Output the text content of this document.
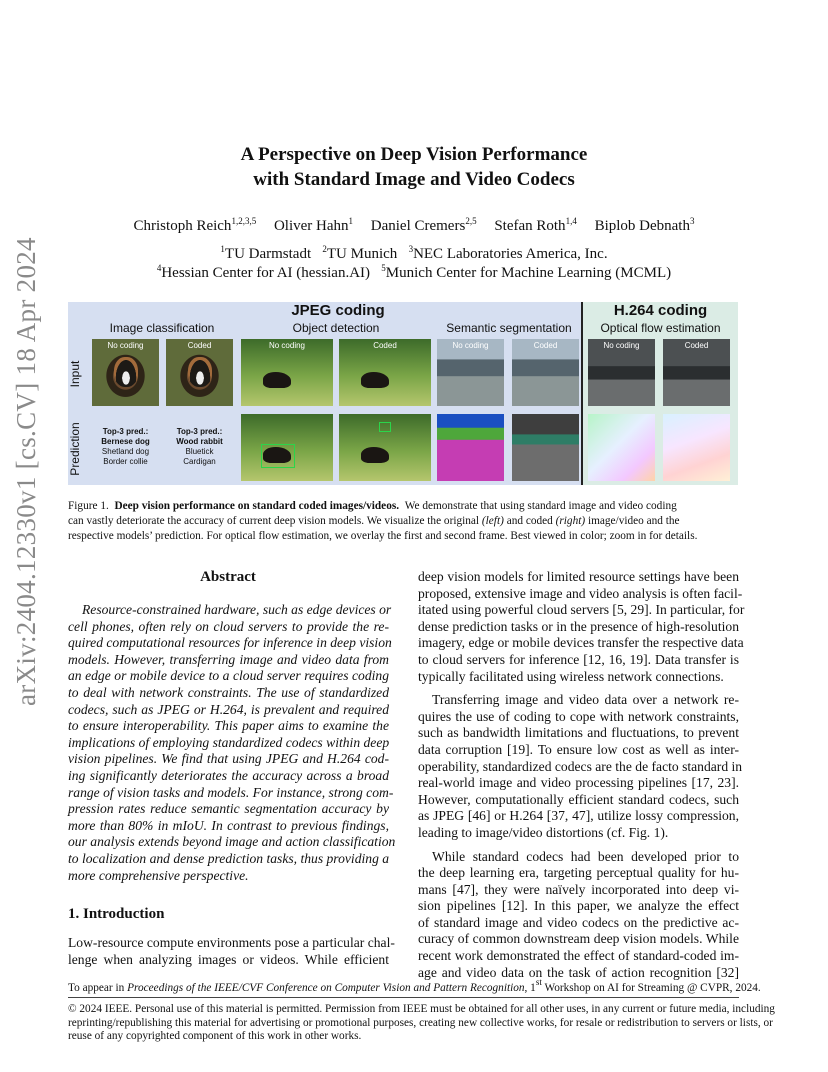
arXiv:2404.12330v1 [cs.CV] 18 Apr 2024
A Perspective on Deep Vision Performance
with Standard Image and Video Codecs
Christoph Reich$^{1,2,3,5}$ Oliver Hahn$^1$ Daniel Cremers$^{2,5}$ Stefan Roth$^{1,4}$ Biplob Debnath$^3$
$^1$TU Darmstadt $^2$TU Munich $^3$NEC Laboratories America, Inc.
$^4$Hessian Center for AI (hessian.AI) $^5$Munich Center for Machine Learning (MCML)
JPEG coding	H.264 coding
Image classification	Object detection	Semantic segmentation	Optical flow estimation
Input
Prediction
No coding	Coded	No coding	Coded	No coding	Coded	No coding	Coded
Top-3 pred.:
Bernese dog
Shetland dog
Border collie
Top-3 pred.:
Wood rabbit
Bluetick
Cardigan
Figure 1. Deep vision performance on standard coded images/videos. We demonstrate that using standard image and video coding
can vastly deteriorate the accuracy of current deep vision models. We visualize the original (left) and coded (right) image/video and the
respective models’ prediction. For optical flow estimation, we overlay the first and second frame. Best viewed in color; zoom in for details.
Abstract
Resource-constrained hardware, such as edge devices or
cell phones, often rely on cloud servers to provide the re-
quired computational resources for inference in deep vision
models. However, transferring image and video data from
an edge or mobile device to a cloud server requires coding
to deal with network constraints. The use of standardized
codecs, such as JPEG or H.264, is prevalent and required
to ensure interoperability. This paper aims to examine the
implications of employing standardized codecs within deep
vision pipelines. We find that using JPEG and H.264 cod-
ing significantly deteriorates the accuracy across a broad
range of vision tasks and models. For instance, strong com-
pression rates reduce semantic segmentation accuracy by
more than 80% in mIoU. In contrast to previous findings,
our analysis extends beyond image and action classification
to localization and dense prediction tasks, thus providing a
more comprehensive perspective.
1. Introduction
Low-resource compute environments pose a particular chal-
lenge when analyzing images or videos. While efficient
deep vision models for limited resource settings have been
proposed, extensive image and video analysis is often facil-
itated using powerful cloud servers [5, 29]. In particular, for
dense prediction tasks or in the presence of high-resolution
imagery, edge or mobile devices transfer the respective data
to cloud servers for inference [12, 16, 19]. Data transfer is
typically facilitated using wireless network connections.
Transferring image and video data over a network re-
quires the use of coding to cope with network constraints,
such as bandwidth limitations and fluctuations, to prevent
data corruption [19]. To ensure low cost as well as inter-
operability, standardized codecs are the de facto standard in
real-world image and video processing pipelines [17, 23].
However, computationally efficient standard codecs, such
as JPEG [46] or H.264 [37, 47], utilize lossy compression,
leading to image/video distortions (cf. Fig. 1).
While standard codecs had been developed prior to
the deep learning era, targeting perceptual quality for hu-
mans [47], they were naïvely incorporated into deep vi-
sion pipelines [12]. In this paper, we analyze the effect
of standard image and video codecs on the predictive ac-
curacy of common downstream deep vision models. While
recent work demonstrated the effect of standard-coded im-
age and video data on the task of action recognition [32]
To appear in Proceedings of the IEEE/CVF Conference on Computer Vision and Pattern Recognition, 1st Workshop on AI for Streaming @ CVPR, 2024.
© 2024 IEEE. Personal use of this material is permitted. Permission from IEEE must be obtained for all other uses, in any current or future media, including
reprinting/republishing this material for advertising or promotional purposes, creating new collective works, for resale or redistribution to servers or lists, or
reuse of any copyrighted component of this work in other works.
